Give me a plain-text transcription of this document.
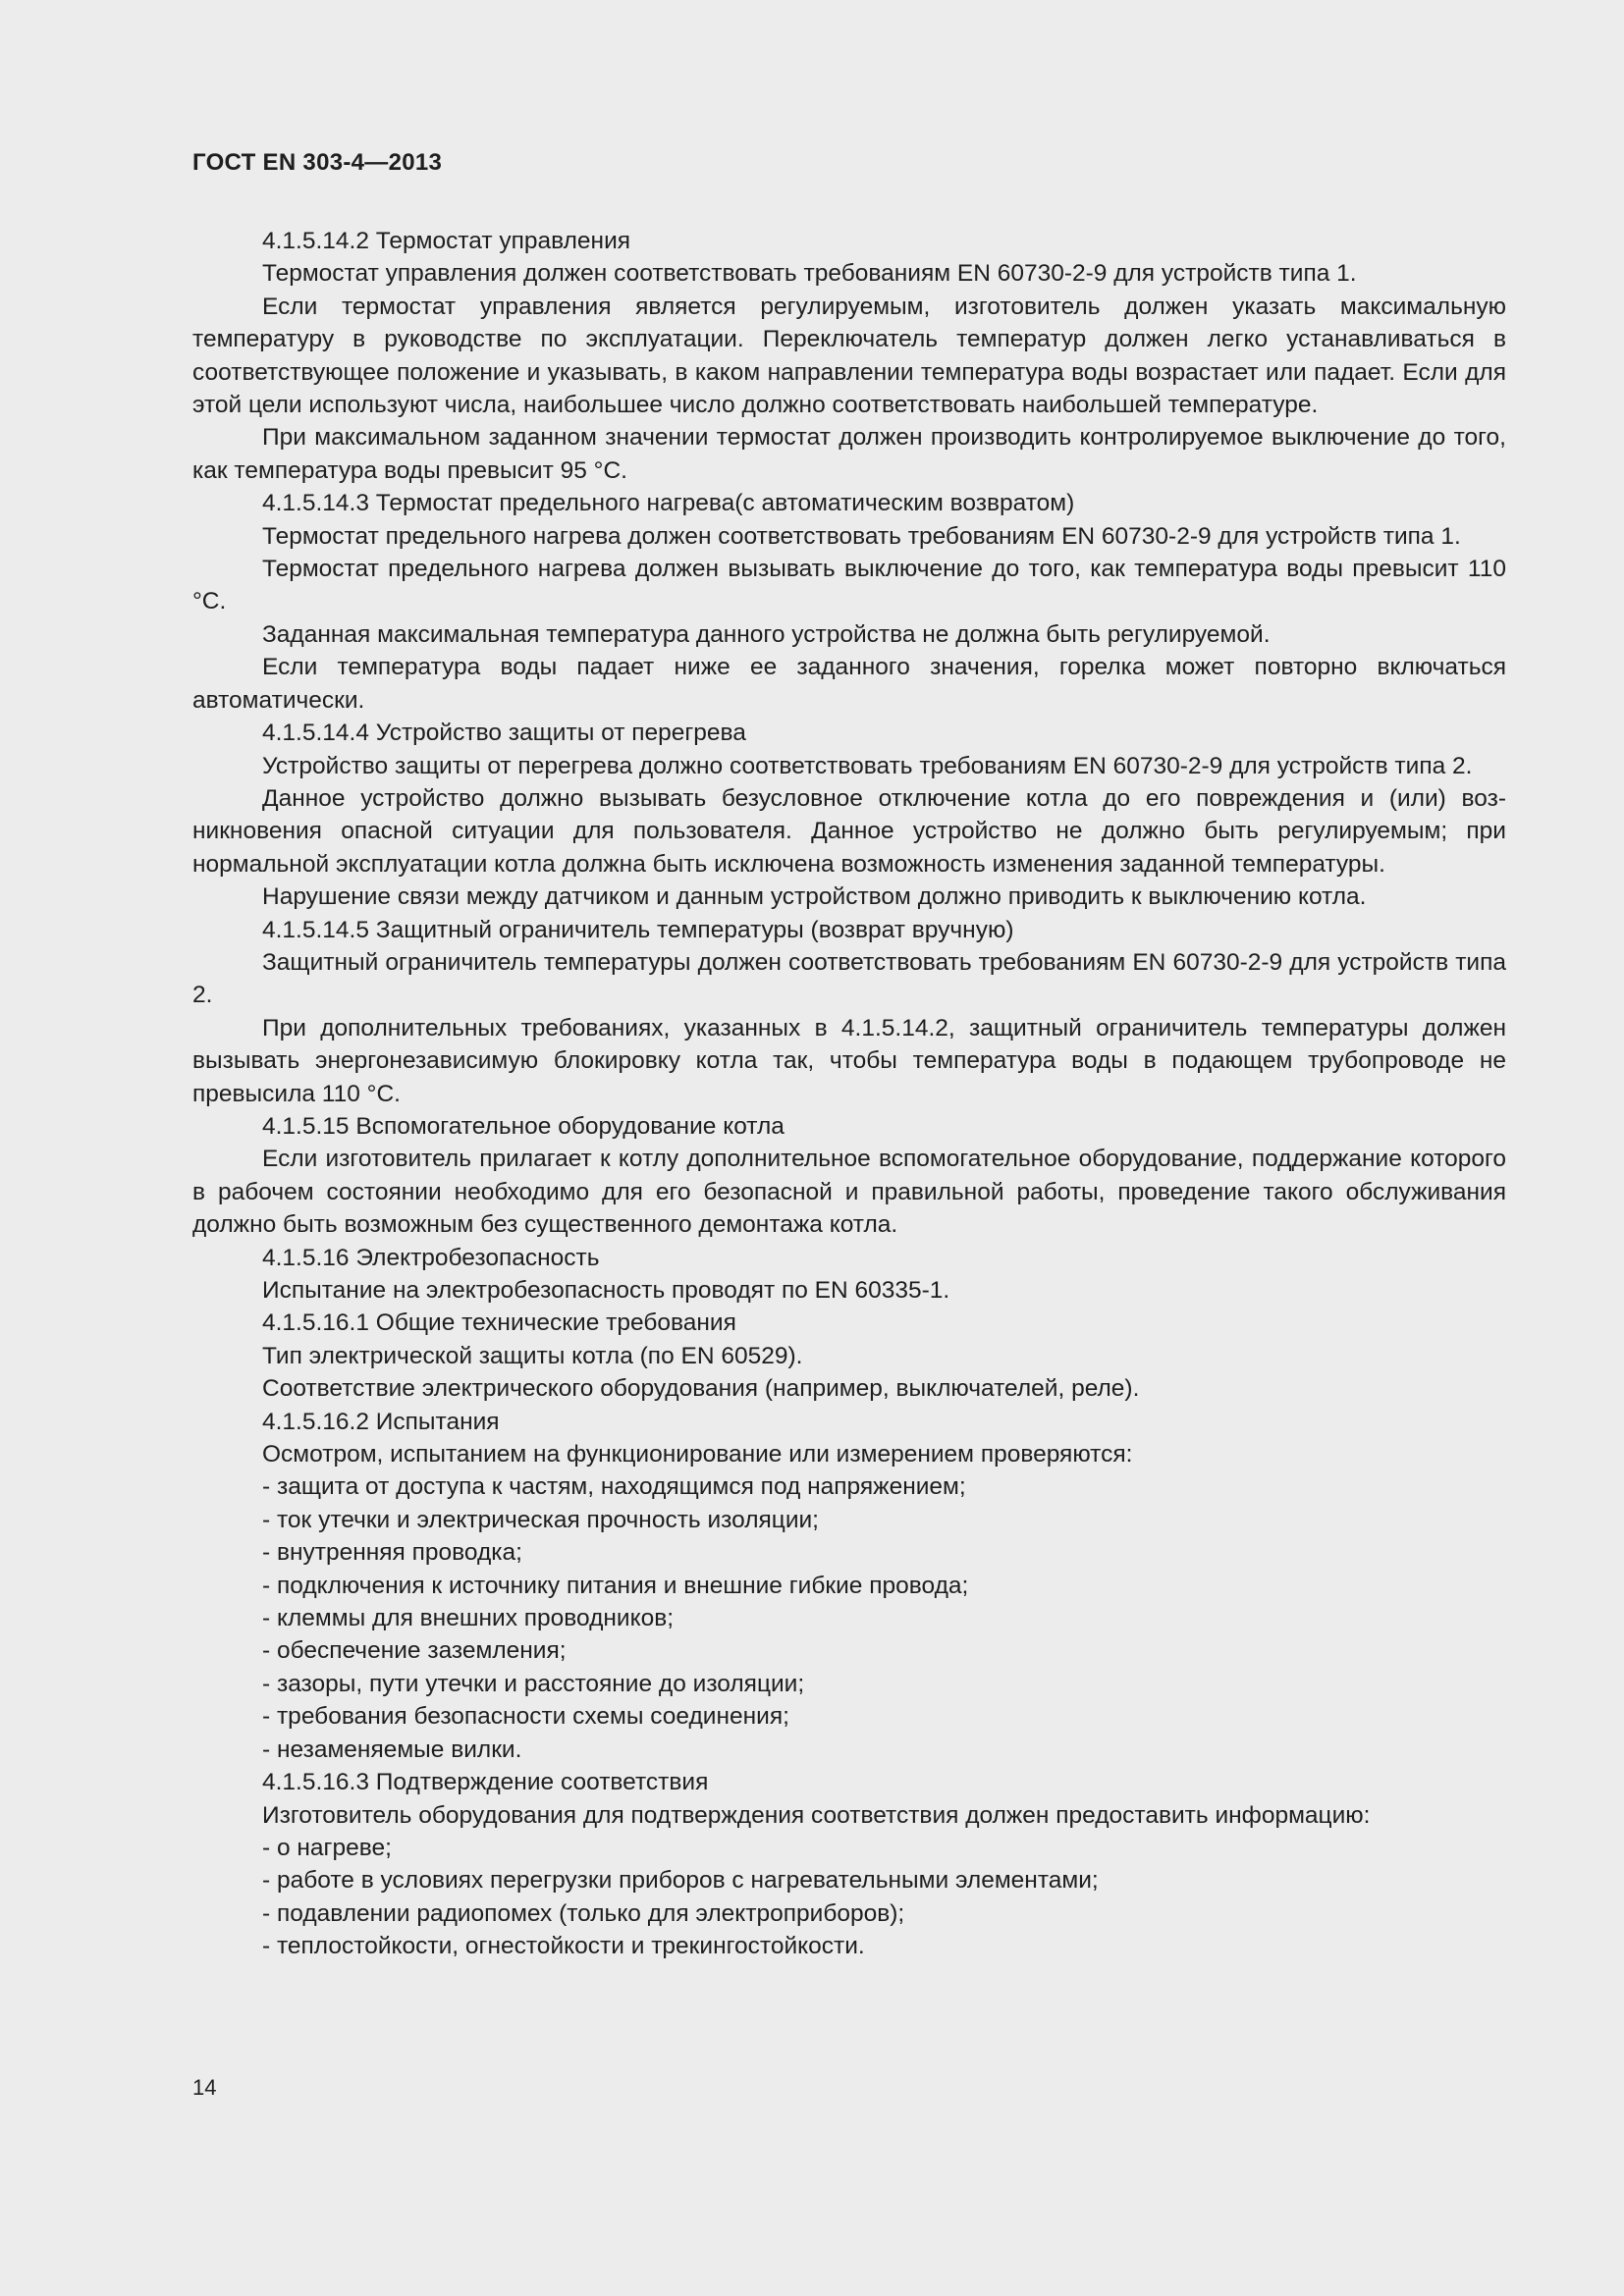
ГОСТ EN 303-4—2013

4.1.5.14.2 Термостат управления

Термостат управления должен соответствовать требованиям EN 60730-2-9 для устройств типа 1.

Если термостат управления является регулируемым, изготовитель должен указать максимальную температуру в руководстве по эксплуатации. Переключатель температур должен легко устанавливаться в соответствующее положение и указывать, в каком направлении температура воды возрастает или падает. Если для этой цели используют числа, наибольшее число должно соответствовать наибольшей температуре.

При максимальном заданном значении термостат должен производить контролируемое выключение до того, как температура воды превысит 95 °С.

4.1.5.14.3 Термостат предельного нагрева(с автоматическим возвратом)

Термостат предельного нагрева должен соответствовать требованиям EN 60730-2-9 для устройств типа 1.

Термостат предельного нагрева должен вызывать выключение до того, как температура воды превысит 110 °С.

Заданная максимальная температура данного устройства не должна быть регулируемой.

Если температура воды падает ниже ее заданного значения, горелка может повторно включаться автоматически.

4.1.5.14.4 Устройство защиты от перегрева

Устройство защиты от перегрева должно соответствовать требованиям EN 60730-2-9 для устройств типа 2.

Данное устройство должно вызывать безусловное отключение котла до его повреждения и (или) возникновения опасной ситуации для пользователя. Данное устройство не должно быть регулируемым; при нормальной эксплуатации котла должна быть исключена возможность изменения заданной температуры.

Нарушение связи между датчиком и данным устройством должно приводить к выключению котла.

4.1.5.14.5 Защитный ограничитель температуры (возврат вручную)

Защитный ограничитель температуры должен соответствовать требованиям EN 60730-2-9 для устройств типа 2.

При дополнительных требованиях, указанных в 4.1.5.14.2, защитный ограничитель температуры должен вызывать энергонезависимую блокировку котла так, чтобы температура воды в подающем трубопроводе не превысила 110 °С.

4.1.5.15 Вспомогательное оборудование котла

Если изготовитель прилагает к котлу дополнительное вспомогательное оборудование, поддержание которого в рабочем состоянии необходимо для его безопасной и правильной работы, проведение такого обслуживания должно быть возможным без существенного демонтажа котла.

4.1.5.16 Электробезопасность

Испытание на электробезопасность проводят по EN 60335-1.

4.1.5.16.1 Общие технические требования

Тип электрической защиты котла (по EN 60529).

Соответствие электрического оборудования (например, выключателей, реле).

4.1.5.16.2 Испытания

Осмотром, испытанием на функционирование или измерением проверяются:

- защита от доступа к частям, находящимся под напряжением;

- ток утечки и электрическая прочность изоляции;

- внутренняя проводка;

- подключения к источнику питания и внешние гибкие провода;

- клеммы для внешних проводников;

- обеспечение заземления;

- зазоры, пути утечки и расстояние до изоляции;

- требования безопасности схемы соединения;

- незаменяемые вилки.

4.1.5.16.3 Подтверждение соответствия

Изготовитель оборудования для подтверждения соответствия должен предоставить информацию:

- о нагреве;

- работе в условиях перегрузки приборов с нагревательными элементами;

- подавлении радиопомех (только для электроприборов);

- теплостойкости, огнестойкости и трекингостойкости.

14
